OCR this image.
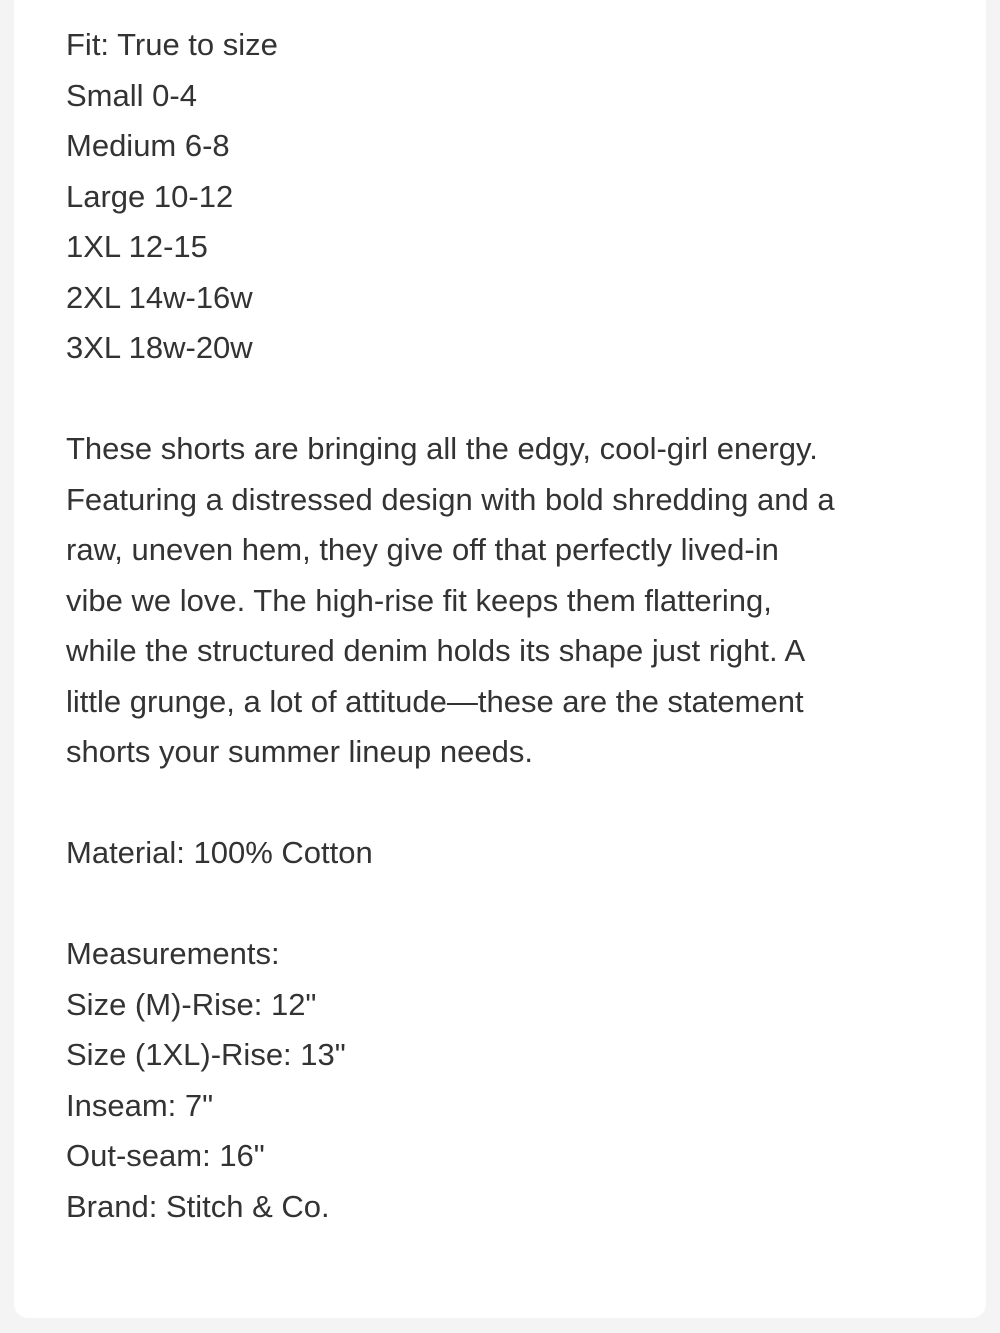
Fit: True to size
Small 0-4
Medium 6-8
Large 10-12
1XL 12-15
2XL 14w-16w
3XL 18w-20w

These shorts are bringing all the edgy, cool-girl energy.
Featuring a distressed design with bold shredding and a
raw, uneven hem, they give off that perfectly lived-in
vibe we love. The high-rise fit keeps them flattering,
while the structured denim holds its shape just right. A
little grunge, a lot of attitude—these are the statement
shorts your summer lineup needs.

Material: 100% Cotton
Measurements:
Size (M)-Rise: 12"
Size (1XL)-Rise: 13"
Inseam: 7"
Out-seam: 16"
Brand: Stitch & Co.
